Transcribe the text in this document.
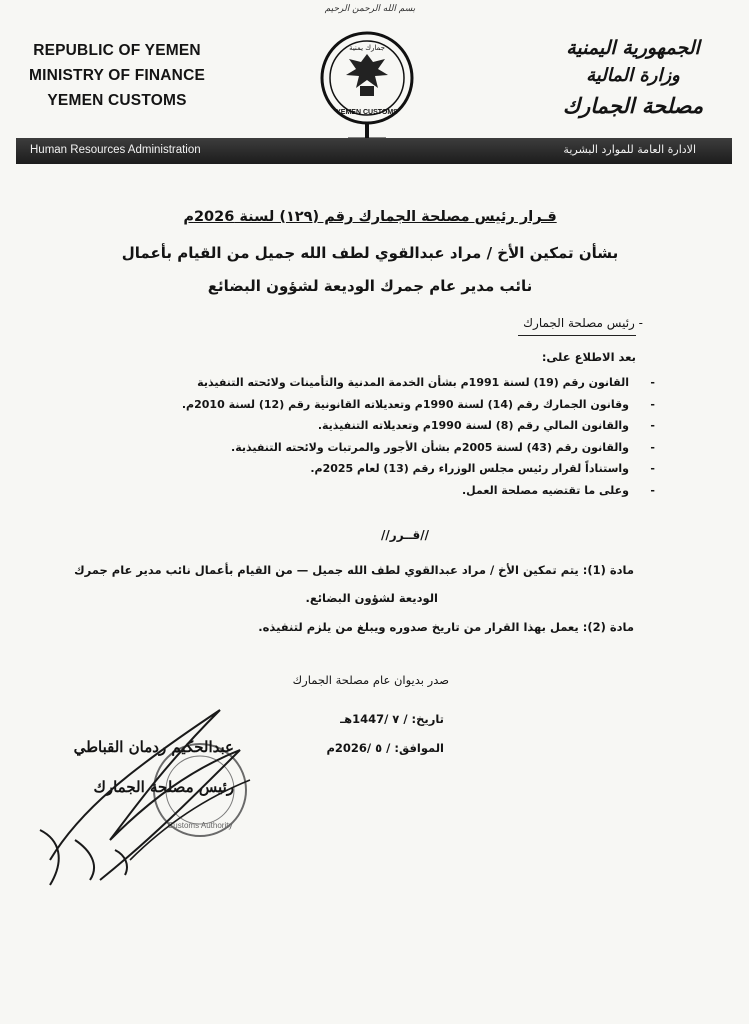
REPUBLIC OF YEMEN
MINISTRY OF FINANCE
YEMEN CUSTOMS
بسم الله الرحمن الرحيم
جمارك يمنية
YEMEN CUSTOMS
الجمهورية اليمنية
وزارة المالية
مصلحة الجمارك
Human Resources Administration	الادارة العامة للموارد البشرية
قـرار رئيس مصلحة الجمارك رقم (١٢٩) لسنة 2026م
بشأن تمكين الأخ / مراد عبدالقوي لطف الله جميل من القيام بأعمال
نائب مدير عام جمرك الوديعة لشؤون البضائع
- رئيس مصلحة الجمارك
بعد الاطلاع على:
- القانون رقم (19) لسنة 1991م بشأن الخدمة المدنية والتأمينات ولائحته التنفيذية
- وقانون الجمارك رقم (14) لسنة 1990م وتعديلاته القانونية رقم (12) لسنة 2010م.
- والقانون المالي رقم (8) لسنة 1990م وتعديلاته التنفيذية.
- والقانون رقم (43) لسنة 2005م بشأن الأجور والمرتبات ولائحته التنفيذية.
- واستناداً لقرار رئيس مجلس الوزراء رقم (13) لعام 2025م.
- وعلى ما تقتضيه مصلحة العمل.
//قــرر//
مادة (1): يتم تمكين الأخ / مراد عبدالقوي لطف الله جميل — من القيام بأعمال نائب مدير عام جمرك
الوديعة لشؤون البضائع.
مادة (2): يعمل بهذا القرار من تاريخ صدوره ويبلغ من يلزم لتنفيذه.
صدر بديوان عام مصلحة الجمارك
تاريخ: / ٧ /1447هـ
الموافق: / ٥ /2026م
Customs Authority
عبدالحكيم ردمان القباطي
رئيس مصلحة الجمارك
